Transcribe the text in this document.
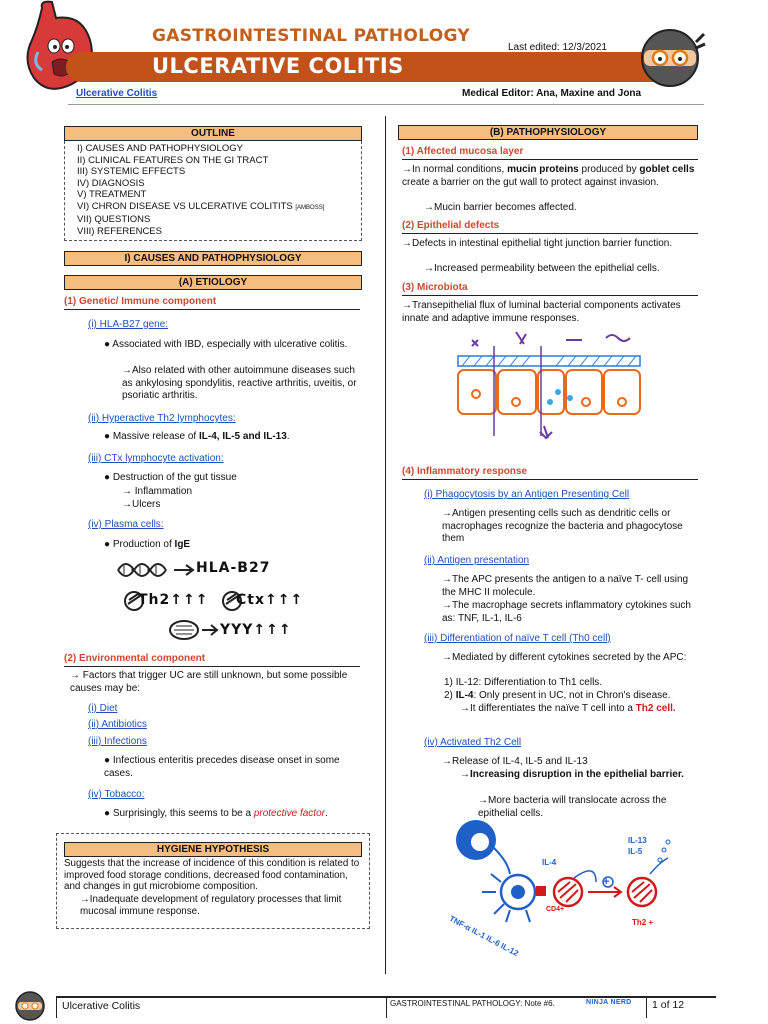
GASTROINTESTINAL PATHOLOGY
ULCERATIVE COLITIS
Last edited: 12/3/2021
Ulcerative Colitis	Medical Editor: Ana, Maxine and Jona
OUTLINE
I) CAUSES AND PATHOPHYSIOLOGY
II) CLINICAL FEATURES ON THE GI TRACT
III) SYSTEMIC EFFECTS
IV) DIAGNOSIS
V) TREATMENT
VI) CHRON DISEASE VS ULCERATIVE COLITITS [AMBOSS]
VII) QUESTIONS
VIII) REFERENCES
I) CAUSES AND PATHOPHYSIOLOGY
(A) ETIOLOGY
(1) Genetic/ Immune component
(i) HLA-B27 gene:
● Associated with IBD, especially with ulcerative colitis.
→Also related with other autoimmune diseases such as ankylosing spondylitis, reactive arthritis, uveitis, or psoriatic arthritis.
(ii) Hyperactive Th2 lymphocytes:
● Massive release of IL-4, IL-5 and IL-13.
(iii) CTx lymphocyte activation:
● Destruction of the gut tissue
→ Inflammation
→Ulcers
(iv) Plasma cells:
● Production of IgE
HLA-B27
Th2↑↑↑ Ctx↑↑↑
YYY↑↑↑
(2) Environmental component
→ Factors that trigger UC are still unknown, but some possible causes may be:
(i) Diet
(ii) Antibiotics
(iii) Infections
● Infectious enteritis precedes disease onset in some cases.
(iv) Tobacco:
● Surprisingly, this seems to be a protective factor.
HYGIENE HYPOTHESIS
Suggests that the increase of incidence of this condition is related to improved food storage conditions, decreased food contamination, and changes in gut microbiome composition.
→Inadequate development of regulatory processes that limit mucosal immune response.
(B) PATHOPHYSIOLOGY
(1) Affected mucosa layer
→In normal conditions, mucin proteins produced by goblet cells create a barrier on the gut wall to protect against invasion.
→Mucin barrier becomes affected.
(2) Epithelial defects
→Defects in intestinal epithelial tight junction barrier function.
→Increased permeability between the epithelial cells.
(3) Microbiota
→Transepithelial flux of luminal bacterial components activates innate and adaptive immune responses.
(4) Inflammatory response
(i) Phagocytosis by an Antigen Presenting Cell
→Antigen presenting cells such as dendritic cells or macrophages recognize the bacteria and phagocytose them
(ii) Antigen presentation
→The APC presents the antigen to a naïve T- cell using the MHC II molecule.
→The macrophage secrets inflammatory cytokines such as: TNF, IL-1, IL-6
(iii) Differentiation of naïve T cell (Th0 cell)
→Mediated by different cytokines secreted by the APC:
1) IL-12: Differentiation to Th1 cells.
2) IL-4: Only present in UC, not in Chron's disease.
→It differentiates the naïve T cell into a Th2 cell.
(iv) Activated Th2 Cell
→Release of IL-4, IL-5 and IL-13
→Increasing disruption in the epithelial barrier.
→More bacteria will translocate across the epithelial cells.
IL-13
IL-5
IL-4
CD4+
Th2 +
+
TNF-α IL-1 IL-6 IL-12
Ulcerative Colitis	GASTROINTESTINAL PATHOLOGY: Note #6.	NINJA NERD 1 of 12
